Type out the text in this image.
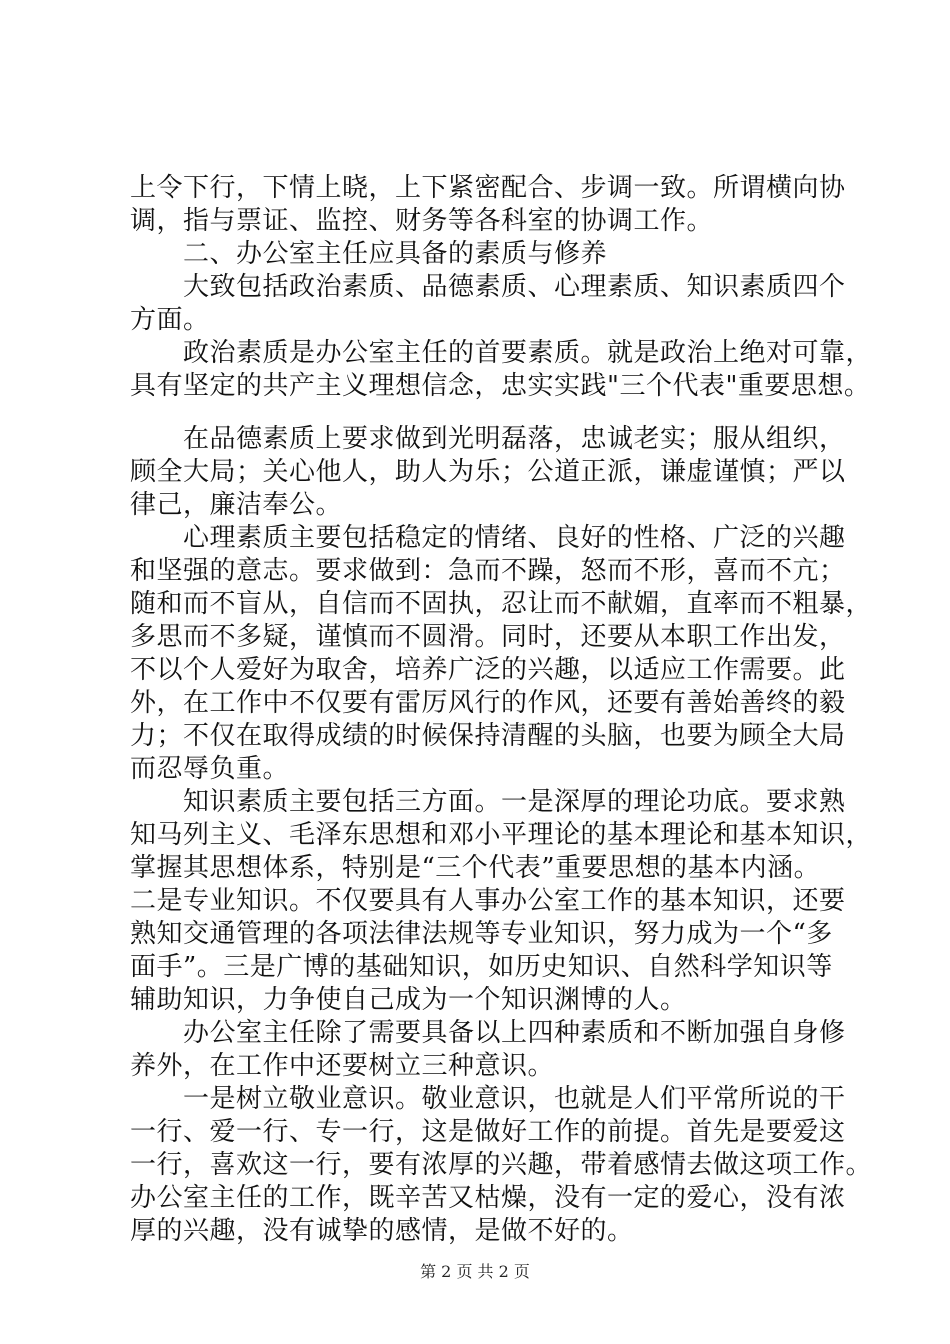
上令下行，下情上晓，上下紧密配合、步调一致。所谓横向协
调，指与票证、监控、财务等各科室的协调工作。
　　二、办公室主任应具备的素质与修养
　　大致包括政治素质、品德素质、心理素质、知识素质四个
方面。
　　政治素质是办公室主任的首要素质。就是政治上绝对可靠，
具有坚定的共产主义理想信念，忠实实践"三个代表"重要思想。
　　在品德素质上要求做到光明磊落，忠诚老实；服从组织，
顾全大局；关心他人，助人为乐；公道正派，谦虚谨慎；严以
律己，廉洁奉公。
　　心理素质主要包括稳定的情绪、良好的性格、广泛的兴趣
和坚强的意志。要求做到：急而不躁，怒而不形，喜而不亢；
随和而不盲从，自信而不固执，忍让而不献媚，直率而不粗暴，
多思而不多疑，谨慎而不圆滑。同时，还要从本职工作出发，
不以个人爱好为取舍，培养广泛的兴趣，以适应工作需要。此
外，在工作中不仅要有雷厉风行的作风，还要有善始善终的毅
力；不仅在取得成绩的时候保持清醒的头脑，也要为顾全大局
而忍辱负重。
　　知识素质主要包括三方面。一是深厚的理论功底。要求熟
知马列主义、毛泽东思想和邓小平理论的基本理论和基本知识，
掌握其思想体系，特别是“三个代表”重要思想的基本内涵。
二是专业知识。不仅要具有人事办公室工作的基本知识，还要
熟知交通管理的各项法律法规等专业知识，努力成为一个“多
面手”。三是广博的基础知识，如历史知识、自然科学知识等
辅助知识，力争使自己成为一个知识渊博的人。
　　办公室主任除了需要具备以上四种素质和不断加强自身修
养外，在工作中还要树立三种意识。
　　一是树立敬业意识。敬业意识，也就是人们平常所说的干
一行、爱一行、专一行，这是做好工作的前提。首先是要爱这
一行，喜欢这一行，要有浓厚的兴趣，带着感情去做这项工作。
办公室主任的工作，既辛苦又枯燥，没有一定的爱心，没有浓
厚的兴趣，没有诚挚的感情，是做不好的。
第 2 页 共 2 页
